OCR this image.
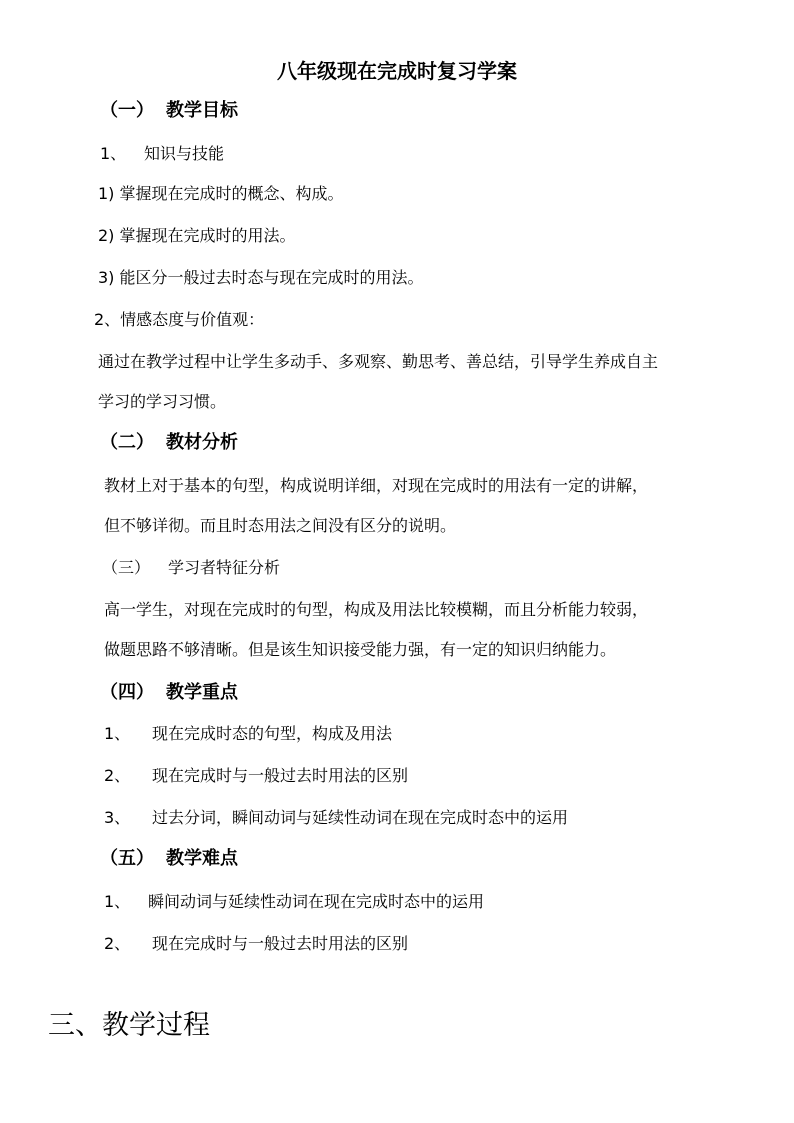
八年级现在完成时复习学案
（一） 教学目标
1、 知识与技能
1) 掌握现在完成时的概念、构成。
2) 掌握现在完成时的用法。
3) 能区分一般过去时态与现在完成时的用法。
2、情感态度与价值观：
通过在教学过程中让学生多动手、多观察、勤思考、善总结，引导学生养成自主
学习的学习习惯。
（二） 教材分析
教材上对于基本的句型，构成说明详细，对现在完成时的用法有一定的讲解，
但不够详彻。而且时态用法之间没有区分的说明。
（三） 学习者特征分析
高一学生，对现在完成时的句型，构成及用法比较模糊，而且分析能力较弱，
做题思路不够清晰。但是该生知识接受能力强，有一定的知识归纳能力。
（四） 教学重点
1、 现在完成时态的句型，构成及用法
2、 现在完成时与一般过去时用法的区别
3、 过去分词，瞬间动词与延续性动词在现在完成时态中的运用
（五） 教学难点
1、 瞬间动词与延续性动词在现在完成时态中的运用
2、 现在完成时与一般过去时用法的区别
三、教学过程
